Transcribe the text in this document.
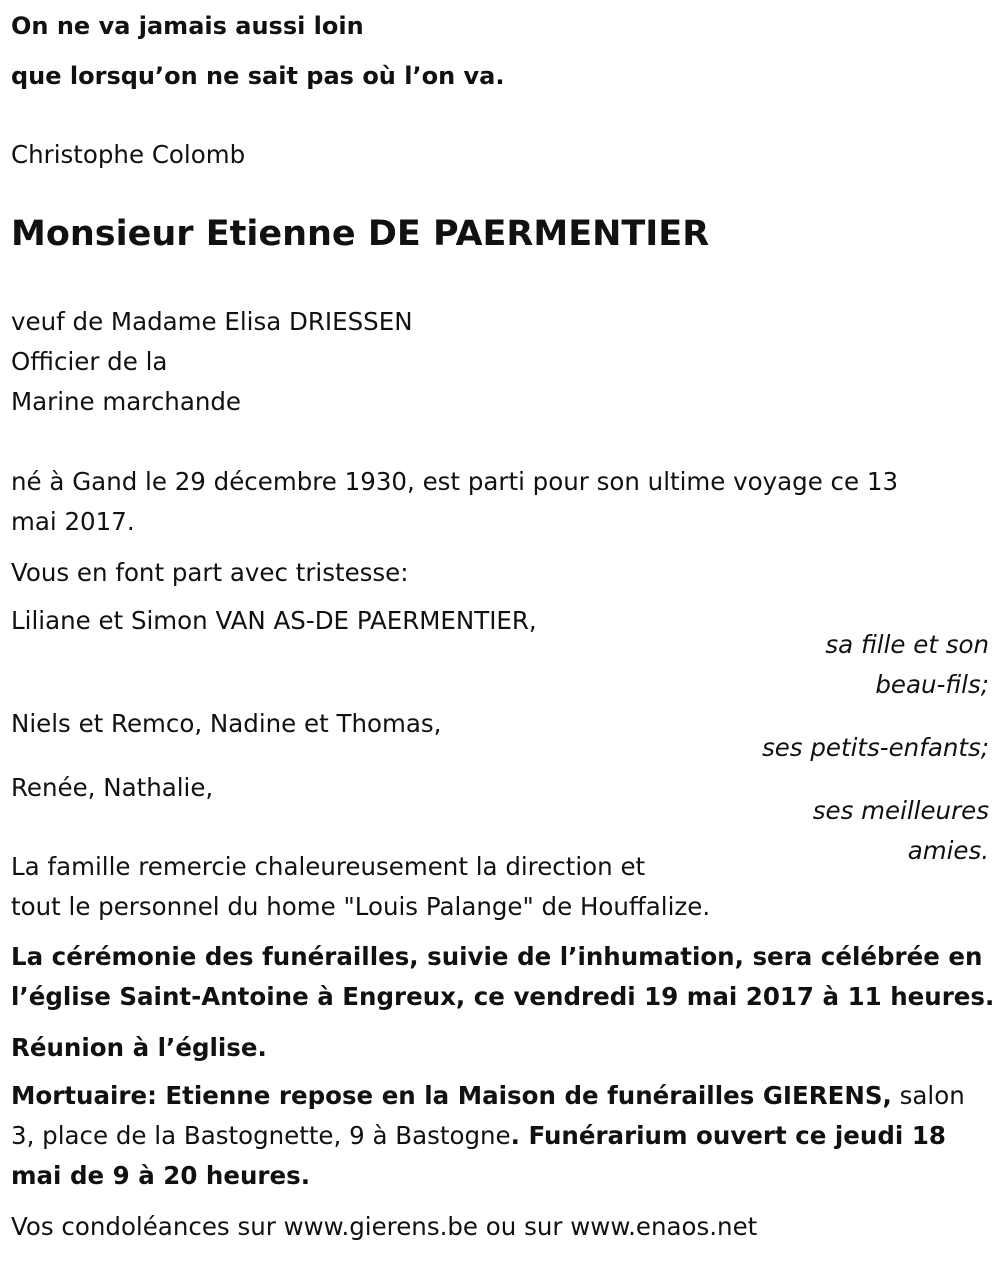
On ne va jamais aussi loin

que lorsqu’on ne sait pas où l’on va.

Christophe Colomb

Monsieur Etienne DE PAERMENTIER

veuf de Madame Elisa DRIESSEN

Officier de la

Marine marchande

né à Gand le 29 décembre 1930, est parti pour son ultime voyage ce 13

mai 2017.

Vous en font part avec tristesse:

Liliane et Simon VAN AS-DE PAERMENTIER,

sa fille et son

beau-fils;

Niels et Remco, Nadine et Thomas,

ses petits-enfants;

Renée, Nathalie,

ses meilleures

amies.

La famille remercie chaleureusement la direction et

tout le personnel du home "Louis Palange" de Houffalize.

La cérémonie des funérailles, suivie de l’inhumation, sera célébrée en

l’église Saint-Antoine à Engreux, ce vendredi 19 mai 2017 à 11 heures.

Réunion à l’église.

Mortuaire: Etienne repose en la Maison de funérailles GIERENS, salon

3, place de la Bastognette, 9 à Bastogne. Funérarium ouvert ce jeudi 18

mai de 9 à 20 heures.

Vos condoléances sur www.gierens.be ou sur www.enaos.net
